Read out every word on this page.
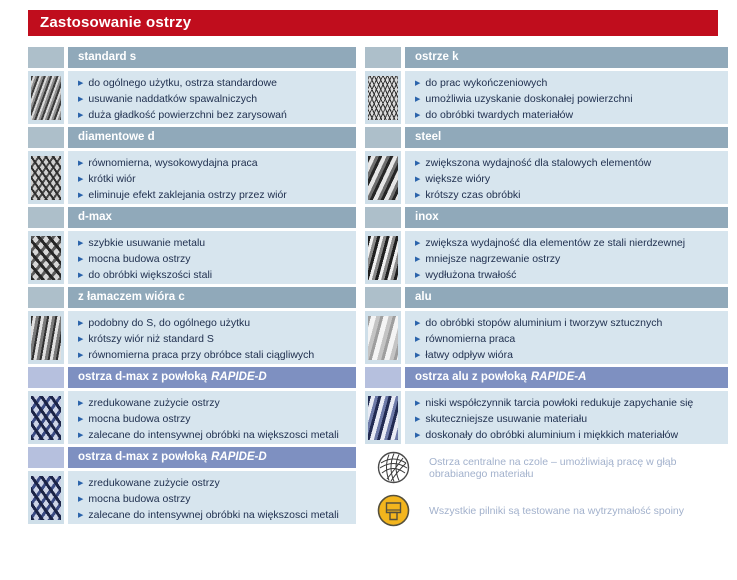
Zastosowanie ostrzy
standard s
▶ do ogólnego użytku, ostrza standardowe
▶ usuwanie naddatków spawalniczych
▶ duża gładkość powierzchni bez zarysowań
diamentowe d
▶ równomierna, wysokowydajna praca
▶ krótki wiór
▶ eliminuje efekt zaklejania ostrzy przez wiór
d-max
▶ szybkie usuwanie metalu
▶ mocna budowa ostrzy
▶ do obróbki większości stali
z łamaczem wióra c
▶ podobny do S, do ogólnego użytku
▶ krótszy wiór niż standard S
▶ równomierna praca przy obróbce stali ciągliwych
ostrza d-max z powłoką RAPIDE-D
▶ zredukowane zużycie ostrzy
▶ mocna budowa ostrzy
▶ zalecane do intensywnej obróbki na większosci metali
ostrza d-max z powłoką RAPIDE-D
▶ zredukowane zużycie ostrzy
▶ mocna budowa ostrzy
▶ zalecane do intensywnej obróbki na większosci metali
ostrze k
▶ do prac wykończeniowych
▶ umożliwia uzyskanie doskonałej powierzchni
▶ do obróbki twardych materiałów
steel
▶ zwiększona wydajność dla stalowych elementów
▶ większe wióry
▶ krótszy czas obróbki
inox
▶ zwiększa wydajność dla elementów ze stali nierdzewnej
▶ mniejsze nagrzewanie ostrzy
▶ wydłużona trwałość
alu
▶ do obróbki stopów aluminium i tworzyw sztucznych
▶ równomierna praca
▶ łatwy odpływ wióra
ostrza alu z powłoką RAPIDE-A
▶ niski współczynnik tarcia powłoki redukuje zapychanie się
▶ skuteczniejsze usuwanie materiału
▶ doskonały do obróbki aluminium i miękkich materiałów
Ostrza centralne na czole – umożliwiają pracę w głąb obrabianego materiału
Wszystkie pilniki są testowane na wytrzymałość spoiny
